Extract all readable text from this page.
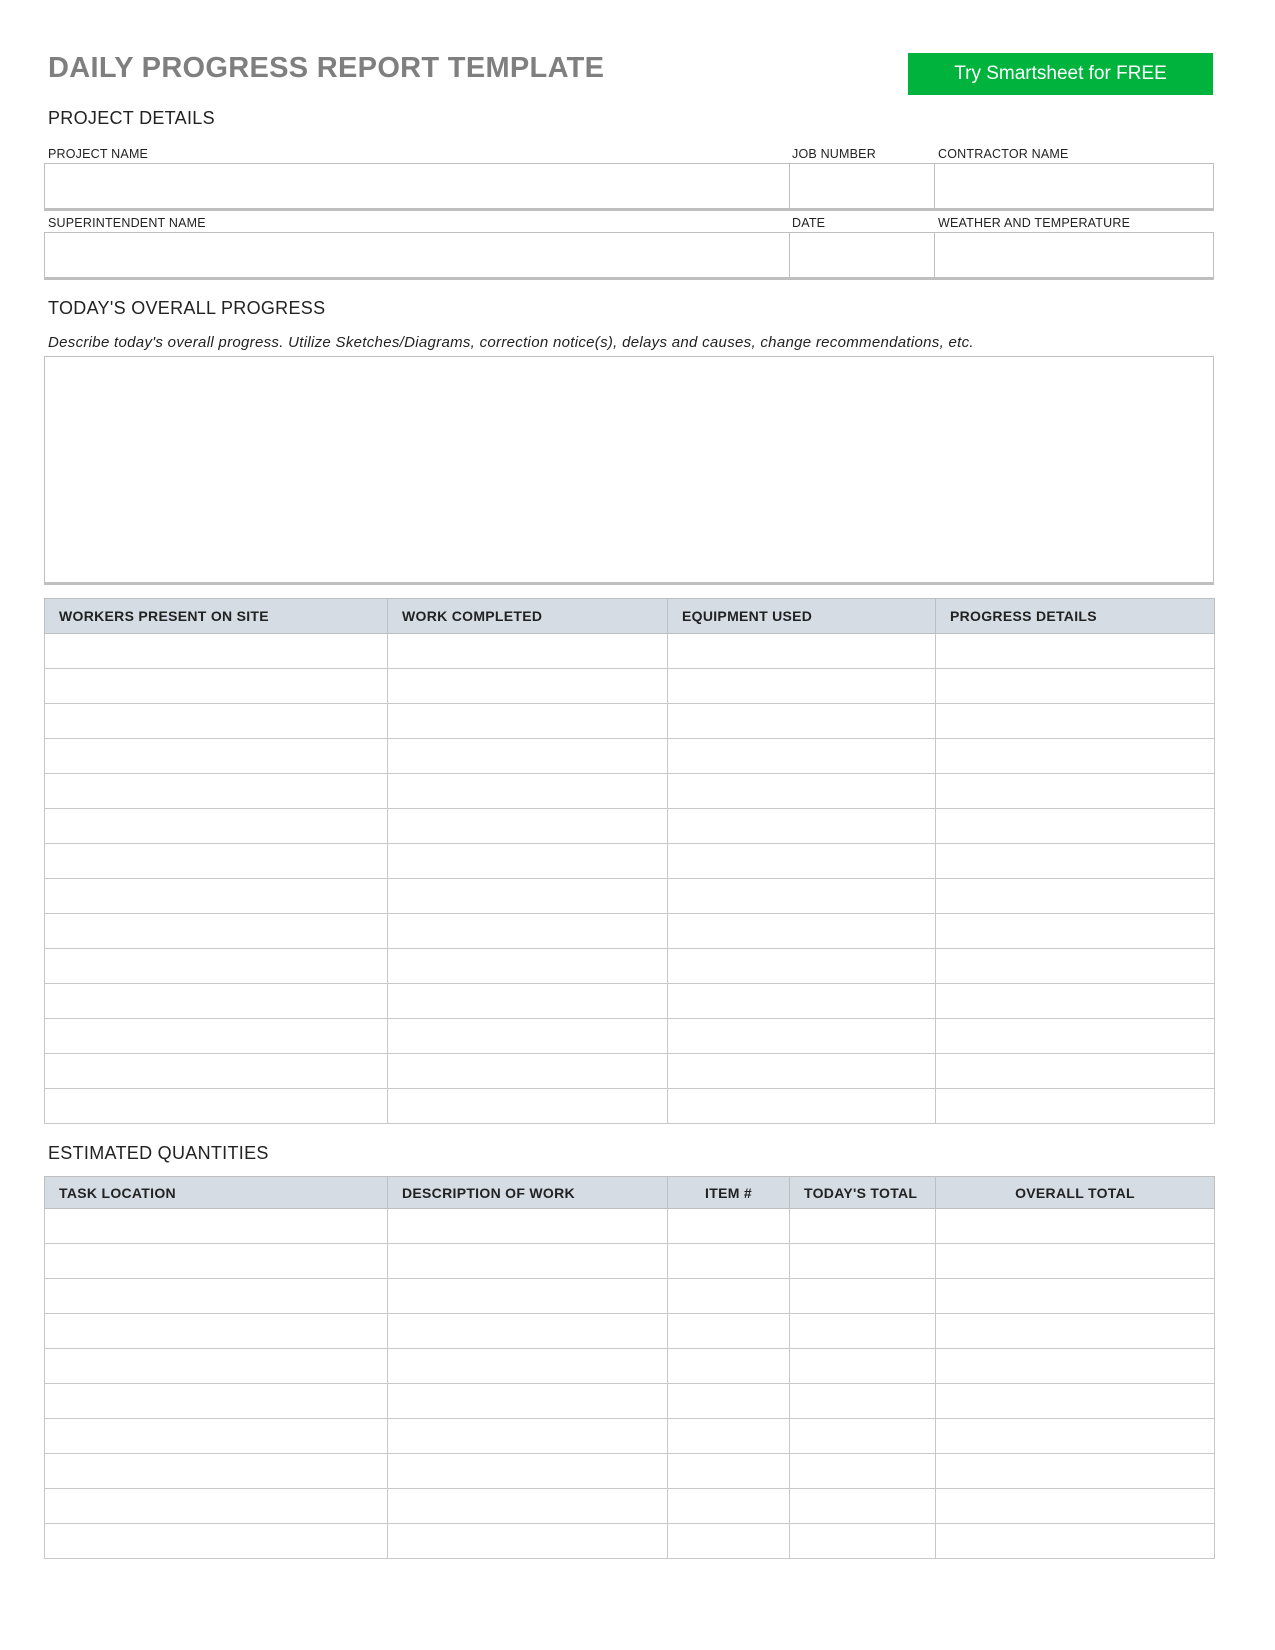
DAILY PROGRESS REPORT TEMPLATE	Try Smartsheet for FREE
PROJECT DETAILS
PROJECT NAME	JOB NUMBER	CONTRACTOR NAME
SUPERINTENDENT NAME	DATE	WEATHER AND TEMPERATURE
TODAY'S OVERALL PROGRESS
Describe today's overall progress. Utilize Sketches/Diagrams, correction notice(s), delays and causes, change recommendations, etc.
WORKERS PRESENT ON SITE	WORK COMPLETED	EQUIPMENT USED	PROGRESS DETAILS

ESTIMATED QUANTITIES
TASK LOCATION	DESCRIPTION OF WORK	ITEM #	TODAY'S TOTAL	OVERALL TOTAL
